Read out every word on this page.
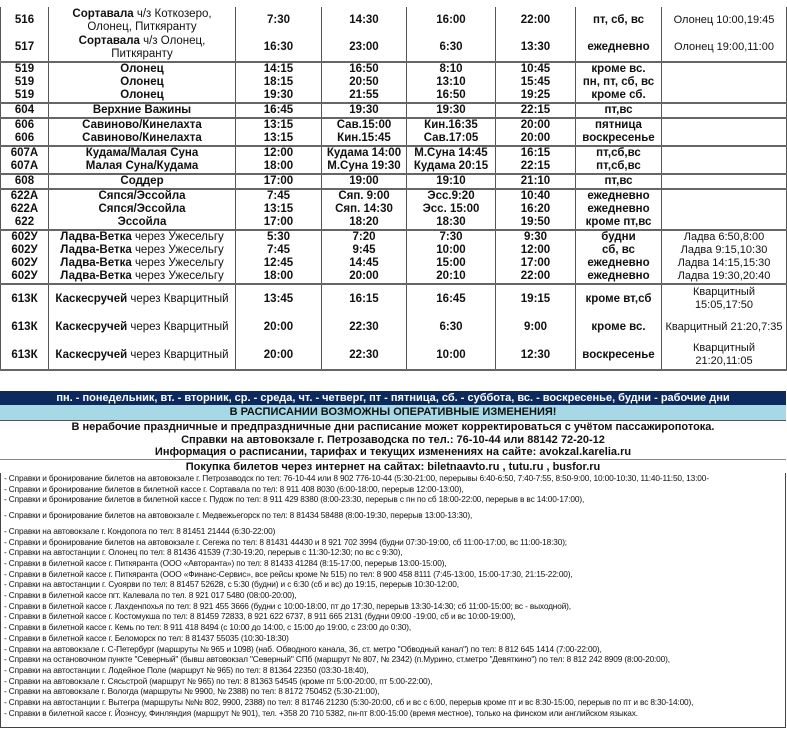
516	Сортавала ч/з Коткозеро, Олонец, Питкяранту	7:30	14:30	16:00	22:00	пт, сб, вс	Олонец 10:00,19:45
517	Сортавала ч/з Олонец, Питкяранту	16:30	23:00	6:30	13:30	ежедневно	Олонец 19:00,11:00
519	Олонец	14:15	16:50	8:10	10:45	кроме вс.	
519	Олонец	18:15	20:50	13:10	15:45	пн, пт, сб, вс	
519	Олонец	19:30	21:55	16:50	19:25	кроме сб.	
604	Верхние Важины	16:45	19:30	19:30	22:15	пт,вс	
606	Савиново/Кинелахта	13:15	Сав.15:00	Кин.16:35	20:00	пятница	
606	Савиново/Кинелахта	13:15	Кин.15:45	Сав.17:05	20:00	воскресенье	
607А	Кудама/Малая Суна	12:00	Кудама 14:00	М.Суна 14:45	16:15	пт,сб,вс	
607А	Малая Суна/Кудама	18:00	М.Суна 19:30	Кудама 20:15	22:15	пт,сб,вс	
608	Соддер	17:00	19:00	19:10	21:10	пт,вс	
622А	Сяпся/Эссойла	7:45	Сяп. 9:00	Эсс.9:20	10:40	ежедневно	
622А	Сяпся/Эссойла	13:15	Сяп. 14:30	Эсс. 15:00	16:20	ежедневно	
622	Эссойла	17:00	18:20	18:30	19:50	кроме пт,вс	
602У	Ладва-Ветка через Ужесельгу	5:30	7:20	7:30	9:30	будни	Ладва 6:50,8:00
602У	Ладва-Ветка через Ужесельгу	7:45	9:45	10:00	12:00	сб, вс	Ладва 9:15,10:30
602У	Ладва-Ветка через Ужесельгу	12:45	14:45	15:00	17:00	ежедневно	Ладва 14:15,15:30
602У	Ладва-Ветка через Ужесельгу	18:00	20:00	20:10	22:00	ежедневно	Ладва 19:30,20:40
613К	Каскесручей через Кварцитный	13:45	16:15	16:45	19:15	кроме вт,сб	Кварцитный 15:05,17:50
613К	Каскесручей через Кварцитный	20:00	22:30	6:30	9:00	кроме вс.	Кварцитный 21:20,7:35
613К	Каскесручей через Кварцитный	20:00	22:30	10:00	12:30	воскресенье	Кварцитный 21:20,11:05
пн. - понедельник, вт. - вторник, ср. - среда, чт. - четверг, пт - пятница, сб. - суббота, вс. - воскресенье, будни - рабочие дни
В РАСПИСАНИИ ВОЗМОЖНЫ ОПЕРАТИВНЫЕ ИЗМЕНЕНИЯ!
В нерабочие праздничные и предпраздничные дни расписание может корректироваться с учётом пассажиропотока.
Справки на автовокзале г. Петрозаводска по тел.: 76-10-44 или 88142 72-20-12
Информация о расписании, тарифах и текущих изменениях на сайте: avokzal.karelia.ru
Покупка билетов через интернет на сайтах: biletnaavto.ru , tutu.ru , busfor.ru
- Справки и бронирование билетов на автовокзале г. Петрозаводск по тел: 76-10-44 или 8 902 776-10-44 (5:30-21:00, перерывы 6:40-6:50, 7:40-7:55, 8:50-9:00, 10:00-10:30, 11:40-11:50, 13:00-
- Справки и бронирование билетов в билетной кассе г. Сортавала по тел: 8 911 408 8030 (6:00-18:00, перерыв 12:00-13:00),
- Справки и бронирование билетов в билетной кассе г. Пудож по тел: 8 911 429 8380 (8:00-23:30, перерыв с пн по сб 18:00-22:00, перерыв в вс 14:00-17:00),
- Справки и бронирование билетов на автовокзале г. Медвежьегорск по тел: 8 81434 58488 (8:00-19:30, перерыв 13:00-13:30),
- Справки на автовокзале г. Кондопога по тел: 8 81451 21444 (6:30-22:00)
- Справки и бронирование билетов на автовокзале г. Сегежа по тел: 8 81431 44430 и 8 921 702 3994 (будни 07:30-19:00, сб 11:00-17:00, вс 11:00-18:30);
- Справки на автостанции г. Олонец по тел: 8 81436 41539 (7:30-19:20, перерыв с 11:30-12:30; по вс с 9:30),
- Справки в билетной кассе г. Питкяранта (ООО «Авторанта») по тел: 8 81433 41284 (8:15-17:00, перерыв 13:00-15:00),
- Справки в билетной кассе г. Питкяранта (ООО «Финанс-Сервис», все рейсы кроме № 515) по тел: 8 900 458 8111 (7:45-13:00, 15:00-17:30, 21:15-22:00),
- Справки на автостанции г. Суоярви по тел: 8 81457 52628, с 5:30 (будни) и с 6:30 (сб и вс) до 19:15, перерыв 10:30-12:00,
- Справки в билетной кассе пгт. Калевала по тел. 8 921 017 5480 (08:00-20:00),
- Справки в билетной кассе г. Лахденпохья по тел: 8 921 455 3666 (будни с 10:00-18:00, пт до 17:30, перерыв 13:30-14:30; сб 11:00-15:00; вс - выходной),
- Справки в билетной кассе г. Костомукша по тел: 8 81459 72833, 8 921 622 6737, 8 911 665 2131 (будни 09:00 -19:00, сб и вс 10:00-19:00),
- Справки в билетной кассе г. Кемь по тел: 8 911 418 8494 (с 10:00 до 14:00, с 15:00 до 19:00, с 23:00 до 0:30),
- Справки в билетной кассе г. Беломорск по тел: 8 81437 55035 (10:30-18:30)
- Справки на автовокзале г. С-Петербург (маршруты № 965 и 1098) (наб. Обводного канала, 36, ст. метро "Обводный канал") по тел: 8 812 645 1414 (7:00-22:00),
- Справки на остановочном пункте "Северный" (бывш автовокзал "Северный" СПб (маршрут № 807, № 2342) (п.Мурино, ст.метро "Девяткино") по тел: 8 812 242 8909 (8:00-20:00),
- Справки на автостанции г. Лодейное Поле (маршрут № 965) по тел: 8 81364 22350 (03:30-18:40),
- Справки на автовокзале г. Сясьстрой (маршрут № 965) по тел: 8 81363 54545 (кроме пт 5:00-20:00, пт 5:00-22:00),
- Справки на автовокзале г. Вологда (маршруты № 9900, № 2388) по тел: 8 8172 750452 (5:30-21:00),
- Справки на автостанции г. Вытегра (маршруты №№ 802, 9900, 2388) по тел: 8 81746 21230 (5:30-20:00, сб и вс с 6:00, перерыв кроме пт и вс 8:30-15:00, перерыв по пт и вс 8:30-14:00),
- Справки в билетной кассе г. Йоэнсуу, Финляндия (маршрут № 901), тел. +358 20 710 5382, пн-пт 8:00-15:00 (время местное), только на финском или английском языках.
